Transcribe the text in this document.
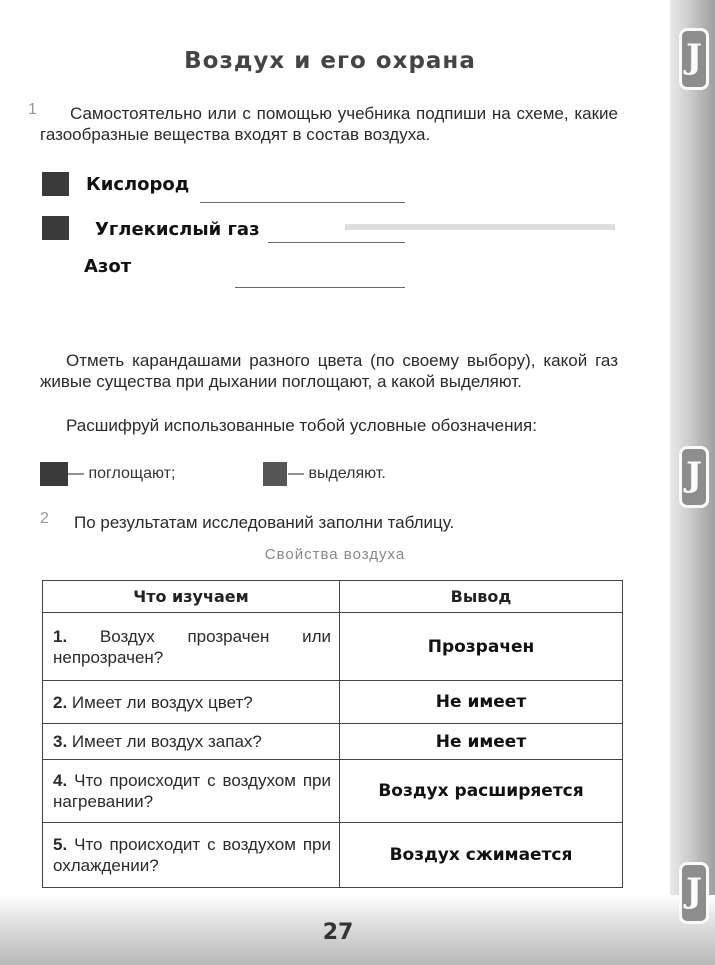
J
J
J
Воздух и его охрана
1	Самостоятельно или с помощью учебника подпиши на схеме, какие газообразные вещества входят в состав воздуха.
Кислород
Углекислый газ
Азот
Отметь карандашами разного цвета (по своему выбору), какой газ живые существа при дыхании поглощают, а какой выделяют.
Расшифруй использованные тобой условные обозначения:
— поглощают;	— выделяют.
2 По результатам исследований заполни таблицу.
Свойства воздуха
Что изучаем	Вывод
1. Воздух прозрачен или непрозрачен?	Прозрачен
2. Имеет ли воздух цвет?	Не имеет
3. Имеет ли воздух запах?	Не имеет
4. Что происходит с воздухом при нагревании?	Воздух расширяется
5. Что происходит с воздухом при охлаждении?	Воздух сжимается
27
